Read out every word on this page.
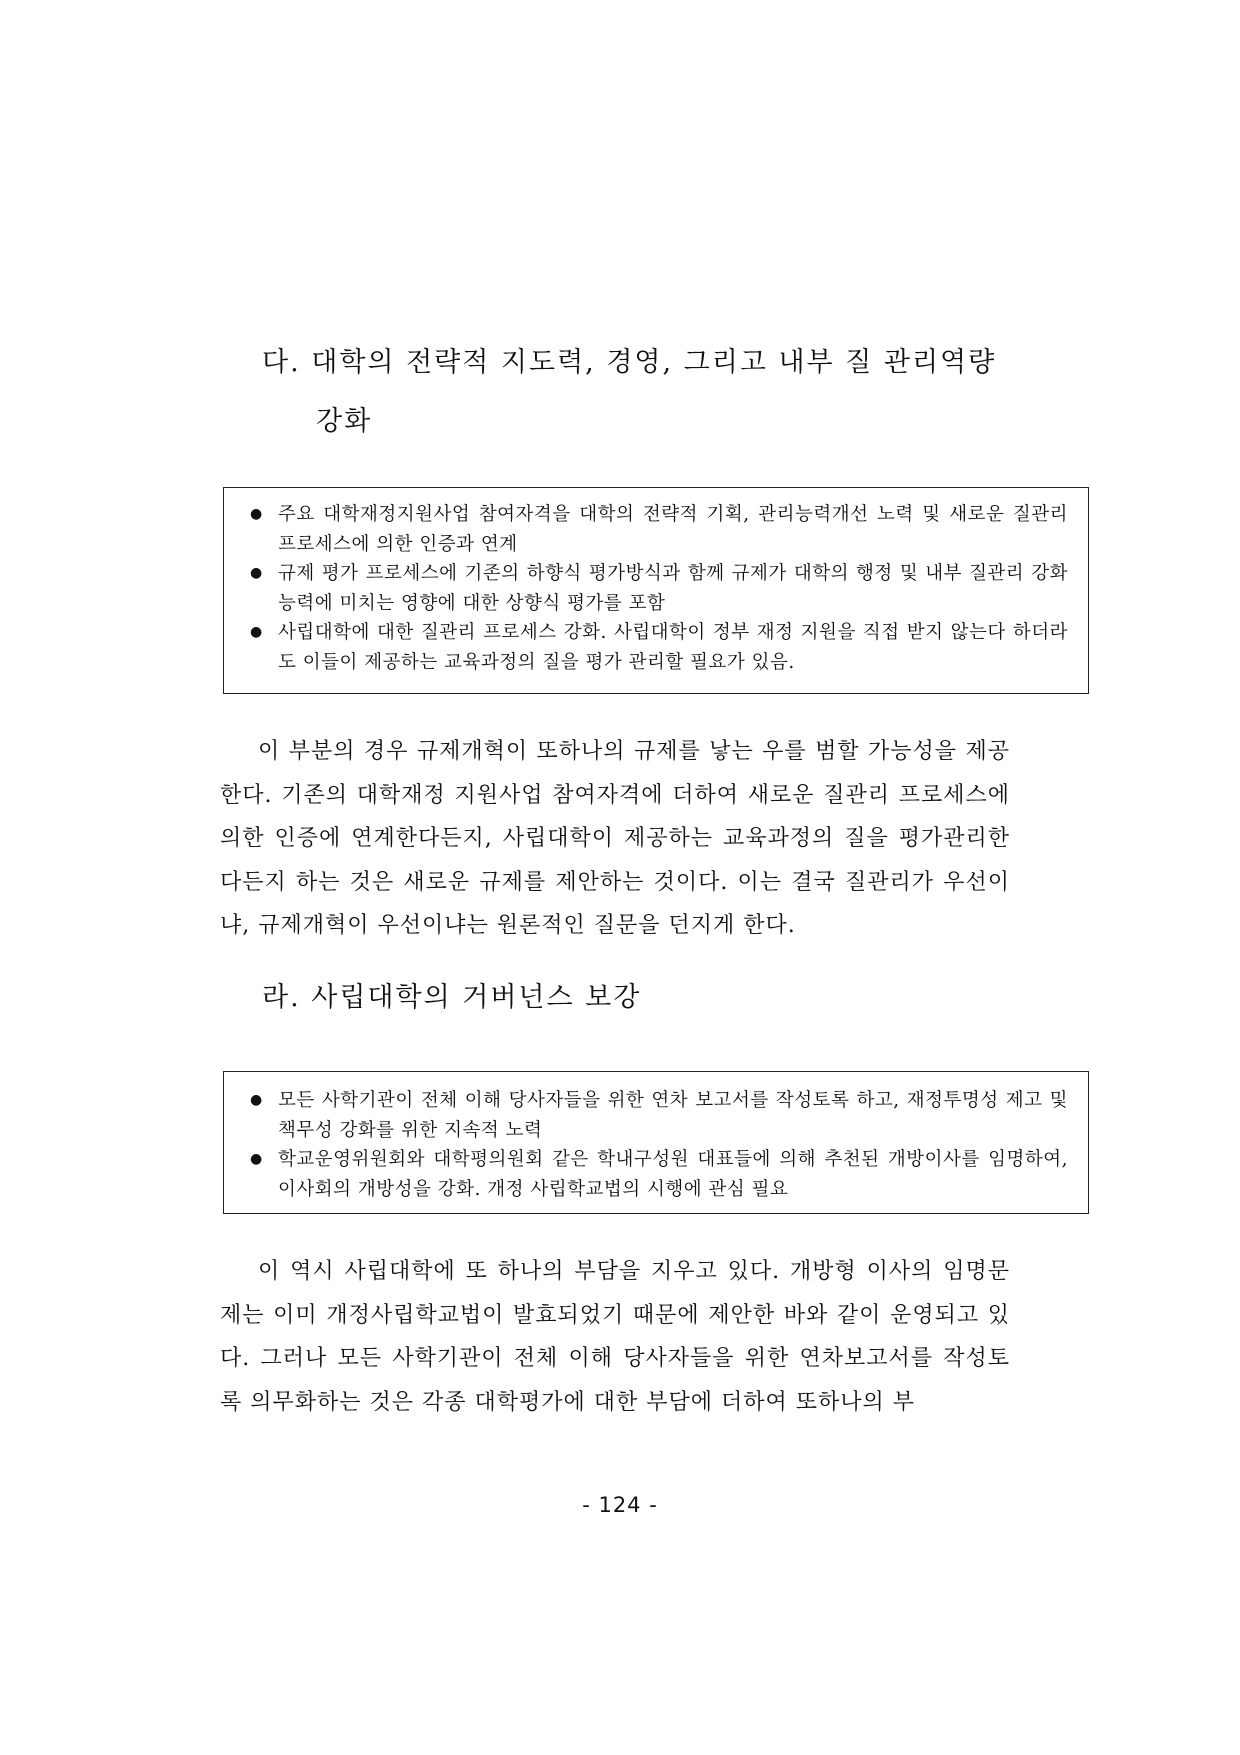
다. 대학의 전략적 지도력, 경영, 그리고 내부 질 관리역량
강화
● 주요 대학재정지원사업 참여자격을 대학의 전략적 기획, 관리능력개선 노력 및 새로운 질관리 프로세스에 의한 인증과 연계
● 규제 평가 프로세스에 기존의 하향식 평가방식과 함께 규제가 대학의 행정 및 내부 질관리 강화 능력에 미치는 영향에 대한 상향식 평가를 포함
● 사립대학에 대한 질관리 프로세스 강화. 사립대학이 정부 재정 지원을 직접 받지 않는다 하더라도 이들이 제공하는 교육과정의 질을 평가 관리할 필요가 있음.

이 부분의 경우 규제개혁이 또하나의 규제를 낳는 우를 범할 가능성을 제공한다. 기존의 대학재정 지원사업 참여자격에 더하여 새로운 질관리 프로세스에 의한 인증에 연계한다든지, 사립대학이 제공하는 교육과정의 질을 평가관리한다든지 하는 것은 새로운 규제를 제안하는 것이다. 이는 결국 질관리가 우선이냐, 규제개혁이 우선이냐는 원론적인 질문을 던지게 한다.

라. 사립대학의 거버넌스 보강
● 모든 사학기관이 전체 이해 당사자들을 위한 연차 보고서를 작성토록 하고, 재정투명성 제고 및 책무성 강화를 위한 지속적 노력
● 학교운영위원회와 대학평의원회 같은 학내구성원 대표들에 의해 추천된 개방이사를 임명하여, 이사회의 개방성을 강화. 개정 사립학교법의 시행에 관심 필요

이 역시 사립대학에 또 하나의 부담을 지우고 있다. 개방형 이사의 임명문제는 이미 개정사립학교법이 발효되었기 때문에 제안한 바와 같이 운영되고 있다. 그러나 모든 사학기관이 전체 이해 당사자들을 위한 연차보고서를 작성토록 의무화하는 것은 각종 대학평가에 대한 부담에 더하여 또하나의 부

- 124 -
